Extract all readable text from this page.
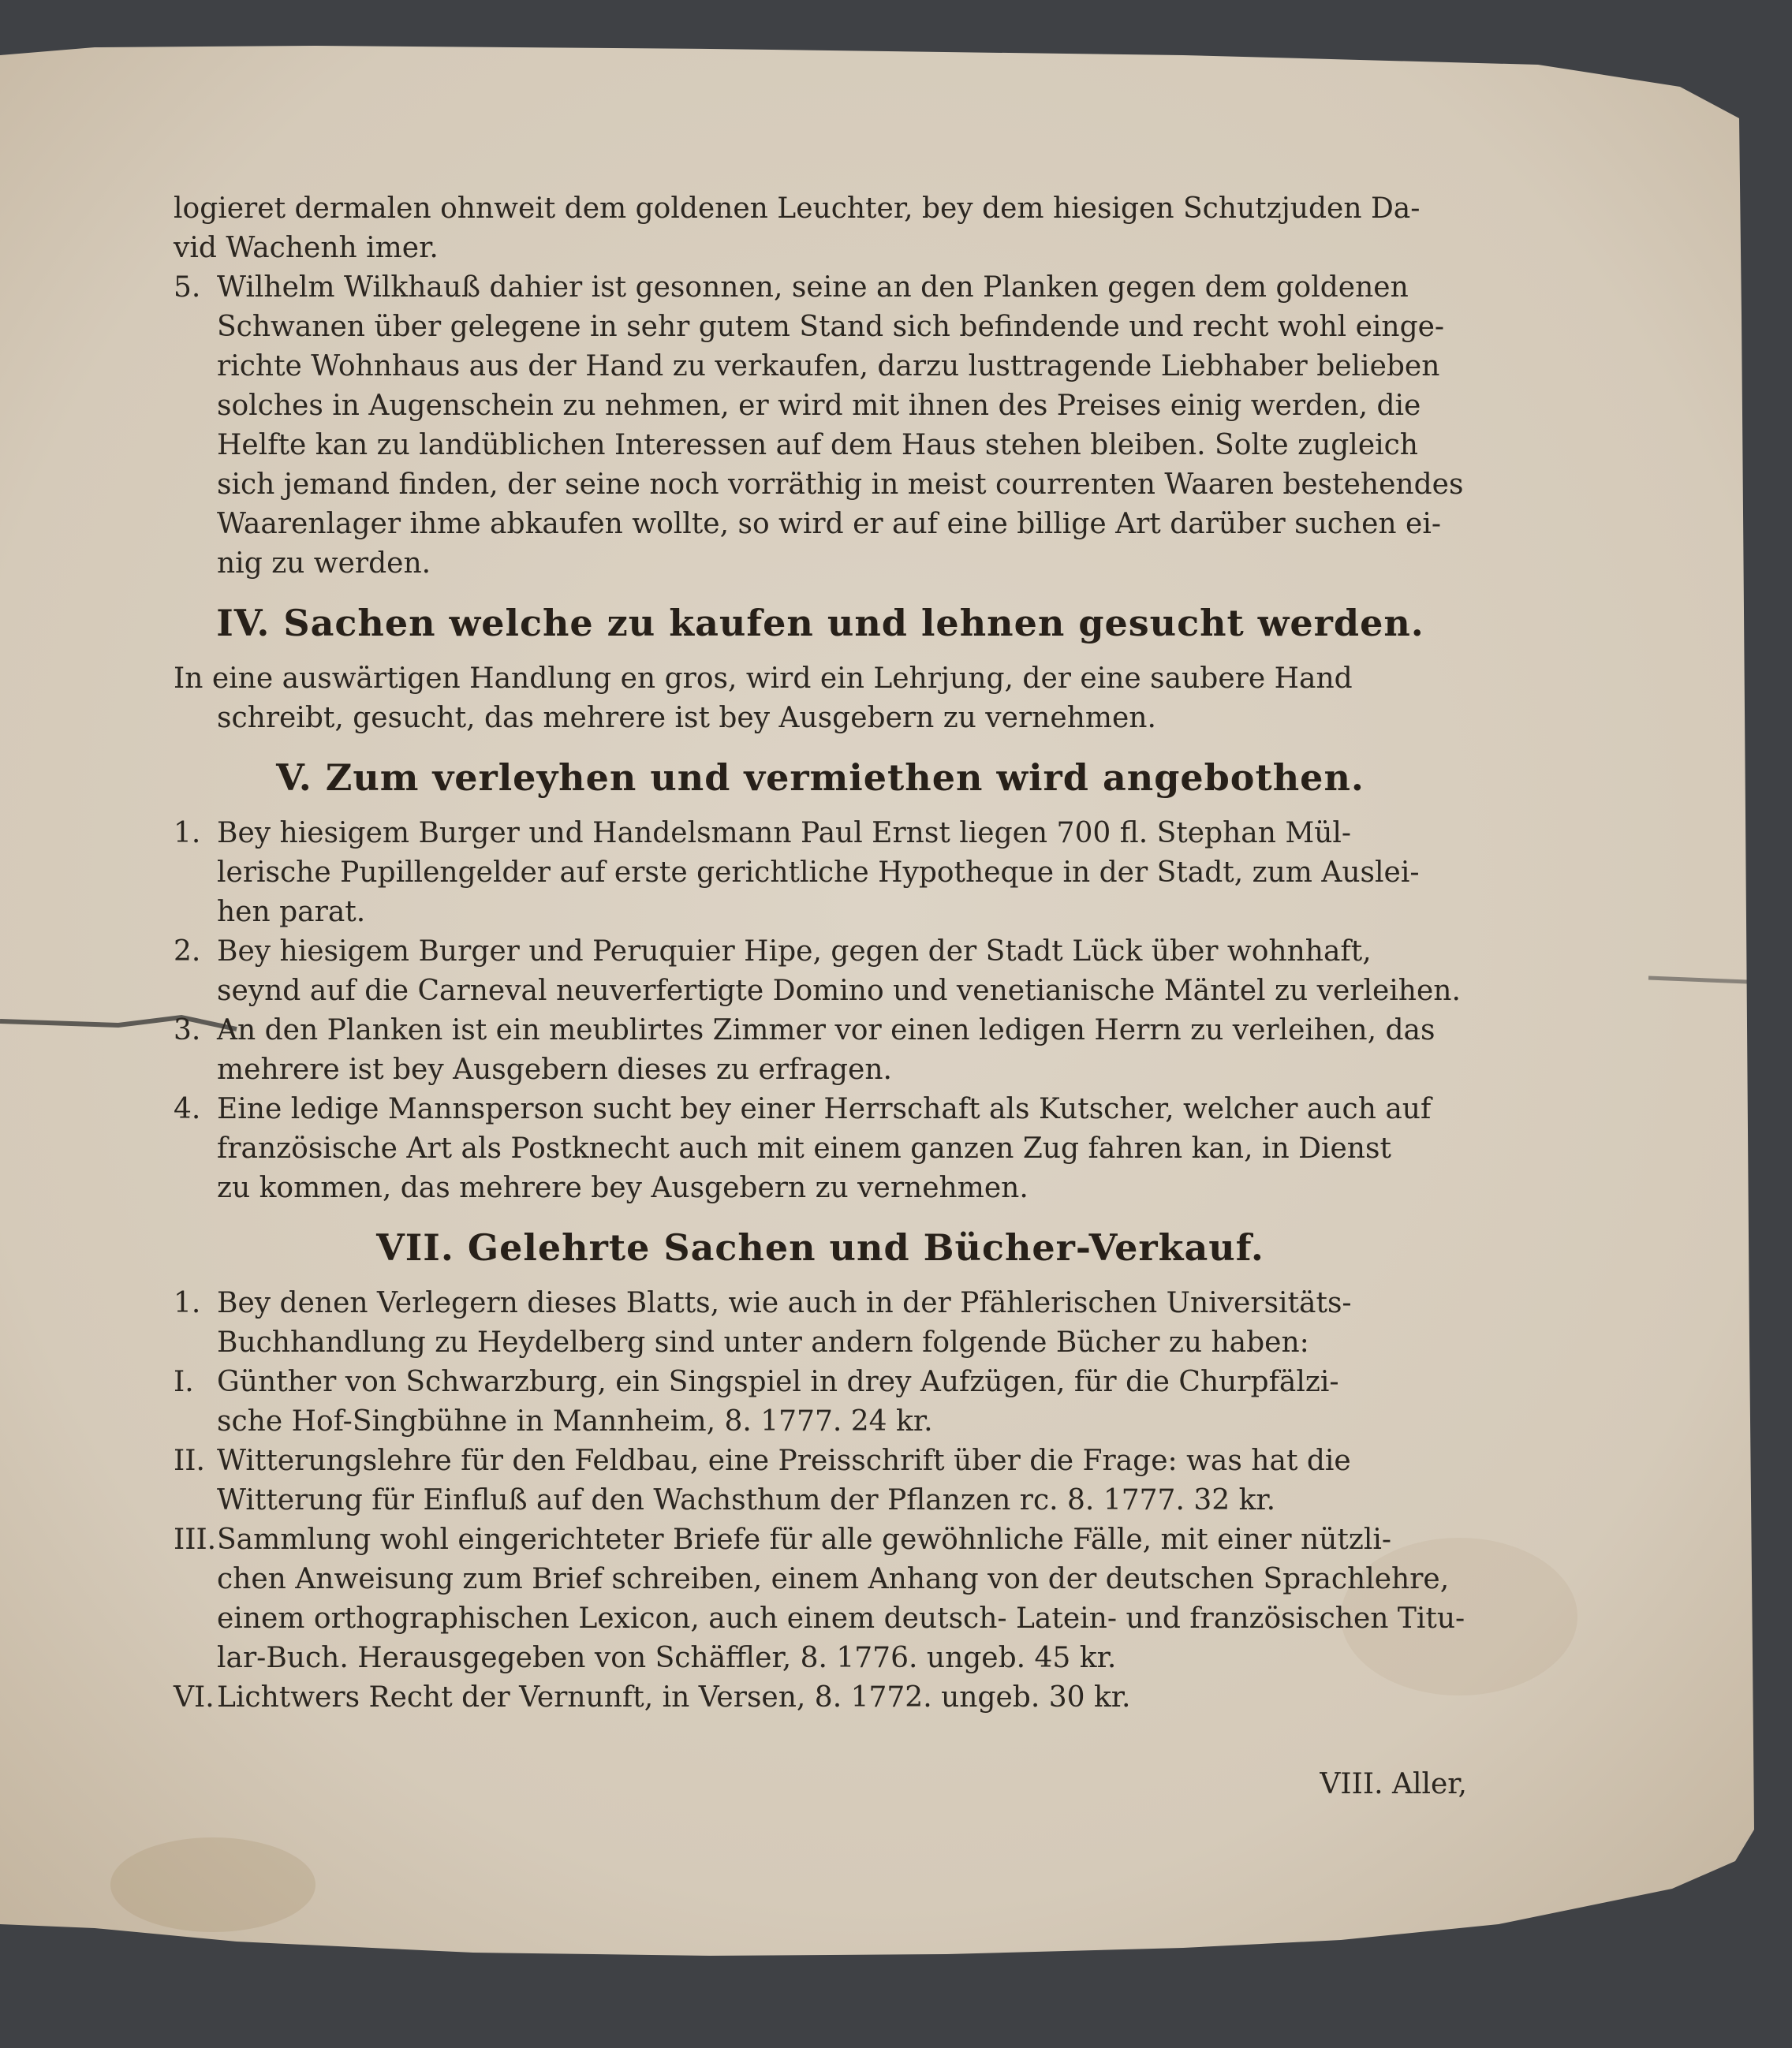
logieret dermalen ohnweit dem goldenen Leuchter, bey dem hiesigen Schutzjuden Da-

vid Wachenh imer.

5. Wilhelm Wilkhauß dahier ist gesonnen, seine an den Planken gegen dem goldenen
Schwanen über gelegene in sehr gutem Stand sich befindende und recht wohl einge-
richte Wohnhaus aus der Hand zu verkaufen, darzu lusttragende Liebhaber belieben
solches in Augenschein zu nehmen, er wird mit ihnen des Preises einig werden, die
Helfte kan zu landüblichen Interessen auf dem Haus stehen bleiben. Solte zugleich
sich jemand finden, der seine noch vorräthig in meist courrenten Waaren bestehendes
Waarenlager ihme abkaufen wollte, so wird er auf eine billige Art darüber suchen ei-
nig zu werden.
IV. Sachen welche zu kaufen und lehnen gesucht werden.
In eine auswärtigen Handlung en gros, wird ein Lehrjung, der eine saubere Hand
schreibt, gesucht, das mehrere ist bey Ausgebern zu vernehmen.
V. Zum verleyhen und vermiethen wird angebothen.
1. Bey hiesigem Burger und Handelsmann Paul Ernst liegen 700 fl. Stephan Mül-
lerische Pupillengelder auf erste gerichtliche Hypotheque in der Stadt, zum Auslei-
hen parat.
2. Bey hiesigem Burger und Peruquier Hipe, gegen der Stadt Lück über wohnhaft,
seynd auf die Carneval neuverfertigte Domino und venetianische Mäntel zu verleihen.
3. An den Planken ist ein meublirtes Zimmer vor einen ledigen Herrn zu verleihen, das
mehrere ist bey Ausgebern dieses zu erfragen.
4. Eine ledige Mannsperson sucht bey einer Herrschaft als Kutscher, welcher auch auf
französische Art als Postknecht auch mit einem ganzen Zug fahren kan, in Dienst
zu kommen, das mehrere bey Ausgebern zu vernehmen.
VII. Gelehrte Sachen und Bücher-Verkauf.
1. Bey denen Verlegern dieses Blatts, wie auch in der Pfählerischen Universitäts-
Buchhandlung zu Heydelberg sind unter andern folgende Bücher zu haben:
I. Günther von Schwarzburg, ein Singspiel in drey Aufzügen, für die Churpfälzi-
sche Hof-Singbühne in Mannheim, 8. 1777. 24 kr.
II. Witterungslehre für den Feldbau, eine Preisschrift über die Frage: was hat die
Witterung für Einfluß auf den Wachsthum der Pflanzen rc. 8. 1777. 32 kr.
III. Sammlung wohl eingerichteter Briefe für alle gewöhnliche Fälle, mit einer nützli-
chen Anweisung zum Brief schreiben, einem Anhang von der deutschen Sprachlehre,
einem orthographischen Lexicon, auch einem deutsch- Latein- und französischen Titu-
lar-Buch. Herausgegeben von Schäffler, 8. 1776. ungeb. 45 kr.
VI. Lichtwers Recht der Vernunft, in Versen, 8. 1772. ungeb. 30 kr.
VIII. Aller,
